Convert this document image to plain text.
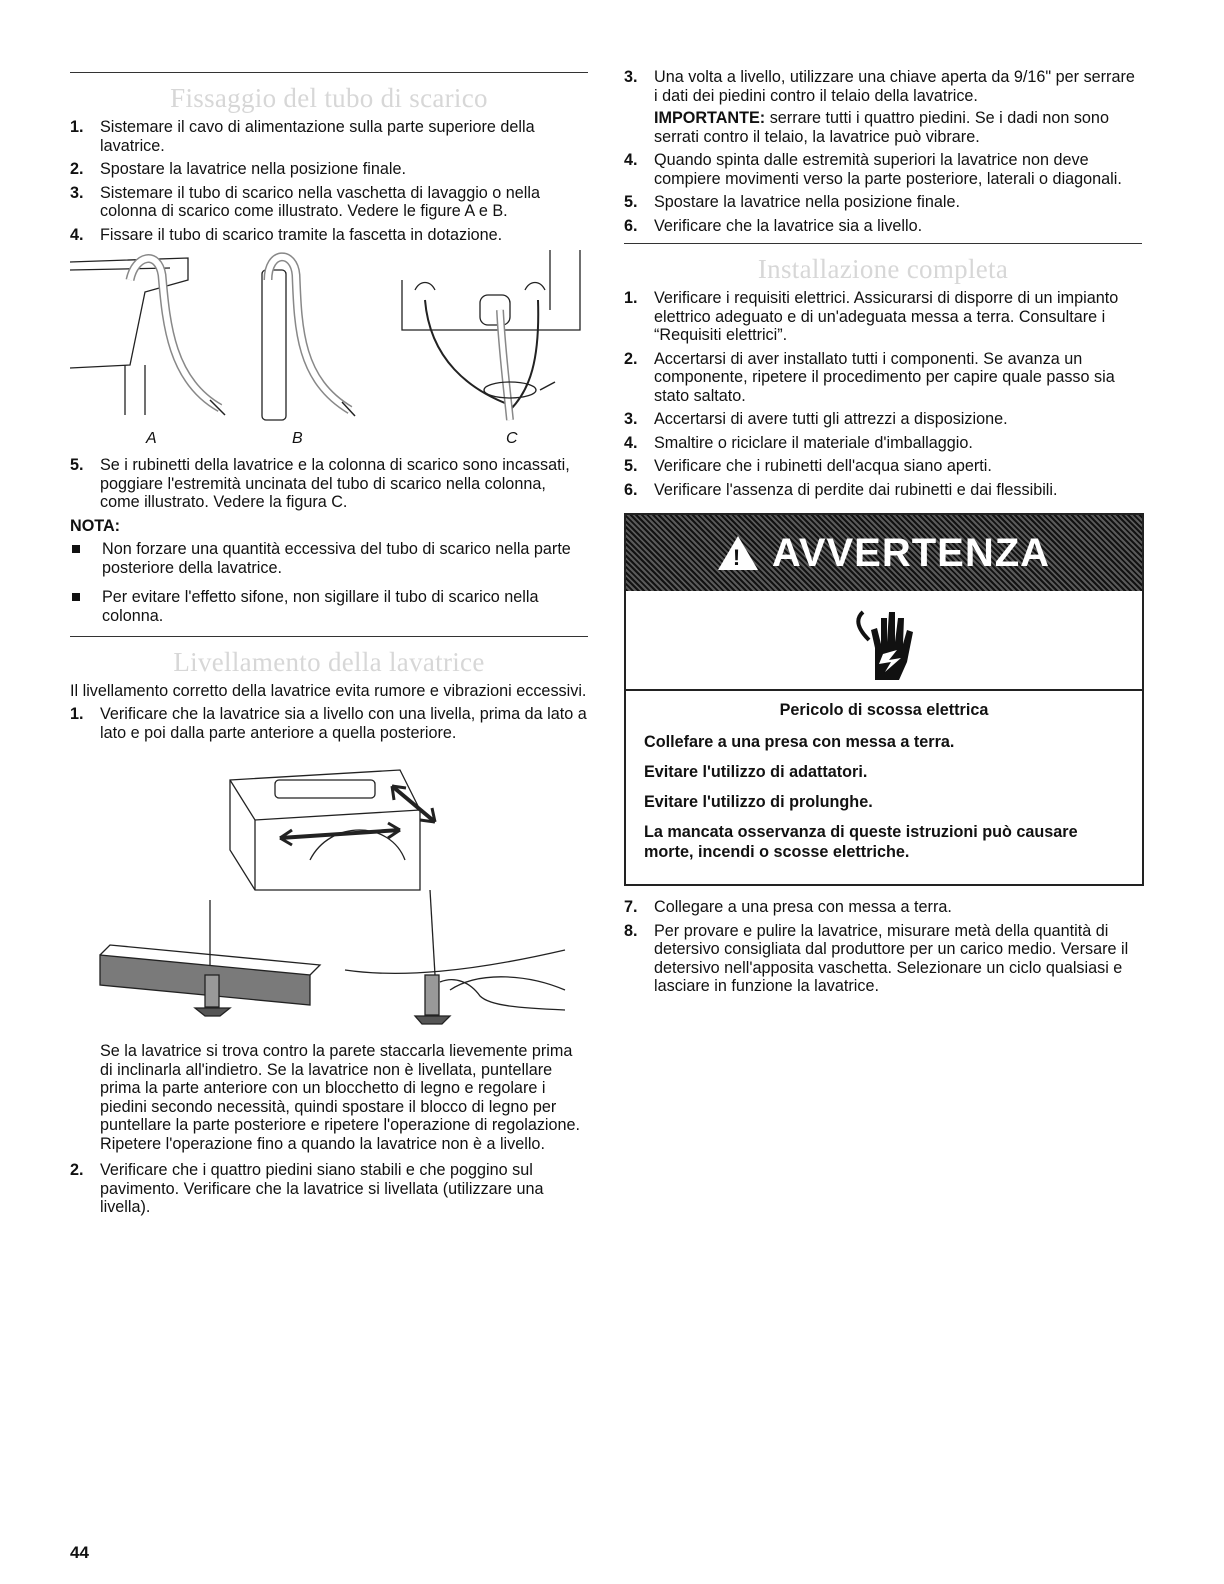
Fissaggio del tubo di scarico
1. Sistemare il cavo di alimentazione sulla parte superiore della lavatrice.
2. Spostare la lavatrice nella posizione finale.
3. Sistemare il tubo di scarico nella vaschetta di lavaggio o nella colonna di scarico come illustrato. Vedere le figure A e B.
4. Fissare il tubo di scarico tramite la fascetta in dotazione.
A	B	C
5. Se i rubinetti della lavatrice e la colonna di scarico sono incassati, poggiare l'estremità uncinata del tubo di scarico nella colonna, come illustrato. Vedere la figura C.
NOTA:
Non forzare una quantità eccessiva del tubo di scarico nella parte posteriore della lavatrice.
Per evitare l'effetto sifone, non sigillare il tubo di scarico nella colonna.
Livellamento della lavatrice

Il livellamento corretto della lavatrice evita rumore e vibrazioni eccessivi.

1. Verificare che la lavatrice sia a livello con una livella, prima da lato a lato e poi dalla parte anteriore a quella posteriore.

Se la lavatrice si trova contro la parete staccarla lievemente prima di inclinarla all'indietro. Se la lavatrice non è livellata, puntellare prima la parte anteriore con un blocchetto di legno e regolare i piedini secondo necessità, quindi spostare il blocco di legno per puntellare la parte posteriore e ripetere l'operazione di regolazione. Ripetere l'operazione fino a quando la lavatrice non è a livello.

2. Verificare che i quattro piedini siano stabili e che poggino sul pavimento. Verificare che la lavatrice si livellata (utilizzare una livella).
3. Una volta a livello, utilizzare una chiave aperta da 9/16" per serrare i dati dei piedini contro il telaio della lavatrice.
IMPORTANTE: serrare tutti i quattro piedini. Se i dadi non sono serrati contro il telaio, la lavatrice può vibrare.
4. Quando spinta dalle estremità superiori la lavatrice non deve compiere movimenti verso la parte posteriore, laterali o diagonali.
5. Spostare la lavatrice nella posizione finale.
6. Verificare che la lavatrice sia a livello.
Installazione completa
1. Verificare i requisiti elettrici. Assicurarsi di disporre di un impianto elettrico adeguato e di un'adeguata messa a terra. Consultare i “Requisiti elettrici”.
2. Accertarsi di aver installato tutti i componenti. Se avanza un componente, ripetere il procedimento per capire quale passo sia stato saltato.
3. Accertarsi di avere tutti gli attrezzi a disposizione.
4. Smaltire o riciclare il materiale d'imballaggio.
5. Verificare che i rubinetti dell'acqua siano aperti.
6. Verificare l'assenza di perdite dai rubinetti e dai flessibili.
! AVVERTENZA
Pericolo di scossa elettrica

Collefare a una presa con messa a terra.

Evitare l'utilizzo di adattatori.

Evitare l'utilizzo di prolunghe.

La mancata osservanza di queste istruzioni può causare morte, incendi o scosse elettriche.

7. Collegare a una presa con messa a terra.
8. Per provare e pulire la lavatrice, misurare metà della quantità di detersivo consigliata dal produttore per un carico medio. Versare il detersivo nell'apposita vaschetta. Selezionare un ciclo qualsiasi e lasciare in funzione la lavatrice.
44
